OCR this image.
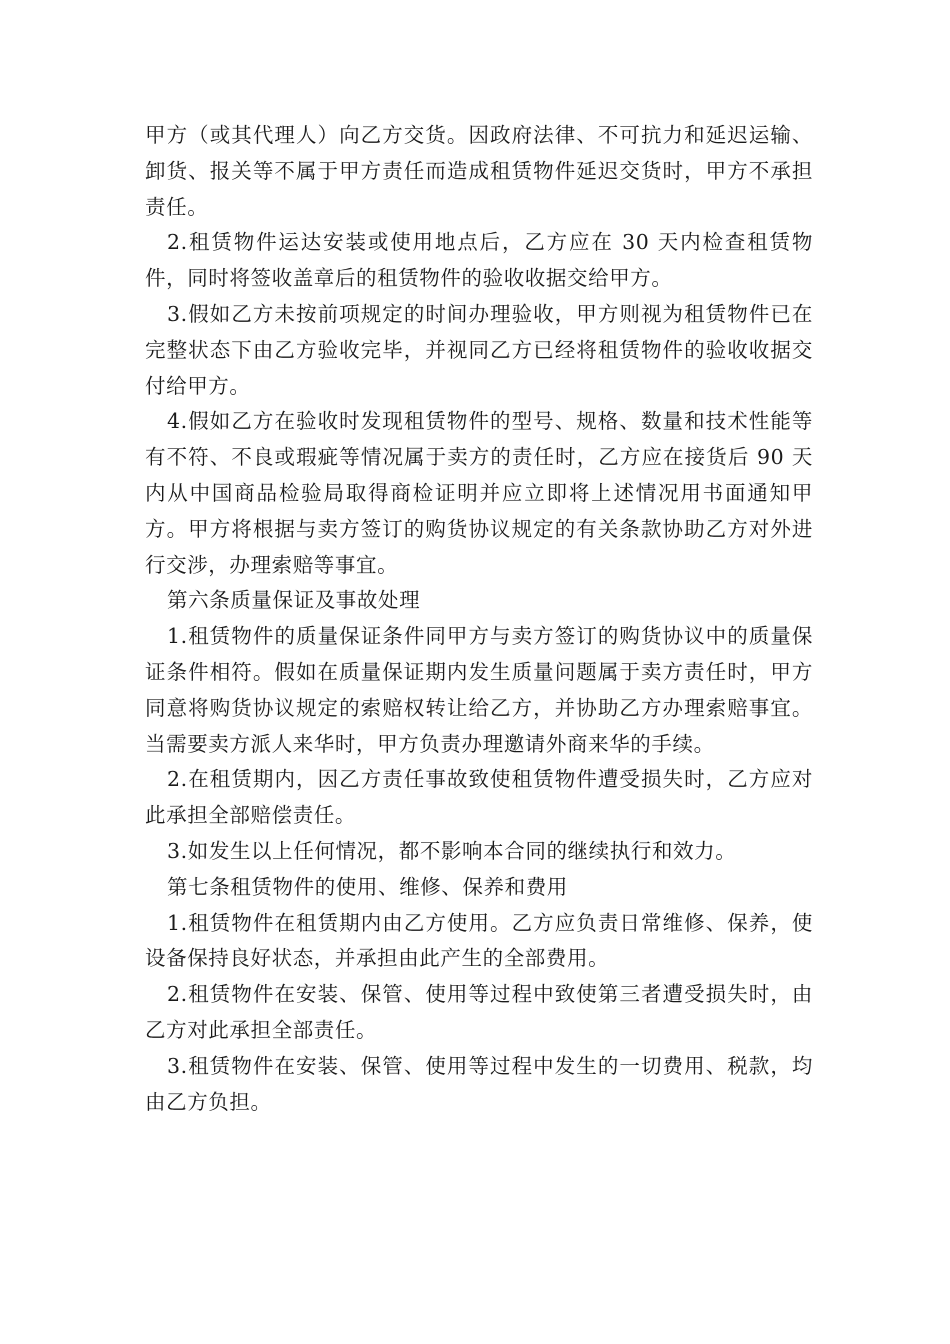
甲方（或其代理人）向乙方交货。因政府法律、不可抗力和延迟运输、卸货、报关等不属于甲方责任而造成租赁物件延迟交货时，甲方不承担责任。

2.租赁物件运达安装或使用地点后，乙方应在 30 天内检查租赁物件，同时将签收盖章后的租赁物件的验收收据交给甲方。

3.假如乙方未按前项规定的时间办理验收，甲方则视为租赁物件已在完整状态下由乙方验收完毕，并视同乙方已经将租赁物件的验收收据交付给甲方。

4.假如乙方在验收时发现租赁物件的型号、规格、数量和技术性能等有不符、不良或瑕疵等情况属于卖方的责任时，乙方应在接货后 90 天内从中国商品检验局取得商检证明并应立即将上述情况用书面通知甲方。甲方将根据与卖方签订的购货协议规定的有关条款协助乙方对外进行交涉，办理索赔等事宜。

第六条质量保证及事故处理

1.租赁物件的质量保证条件同甲方与卖方签订的购货协议中的质量保证条件相符。假如在质量保证期内发生质量问题属于卖方责任时，甲方同意将购货协议规定的索赔权转让给乙方，并协助乙方办理索赔事宜。当需要卖方派人来华时，甲方负责办理邀请外商来华的手续。

2.在租赁期内，因乙方责任事故致使租赁物件遭受损失时，乙方应对此承担全部赔偿责任。

3.如发生以上任何情况，都不影响本合同的继续执行和效力。

第七条租赁物件的使用、维修、保养和费用

1.租赁物件在租赁期内由乙方使用。乙方应负责日常维修、保养，使设备保持良好状态，并承担由此产生的全部费用。

2.租赁物件在安装、保管、使用等过程中致使第三者遭受损失时，由乙方对此承担全部责任。

3.租赁物件在安装、保管、使用等过程中发生的一切费用、税款，均由乙方负担。
